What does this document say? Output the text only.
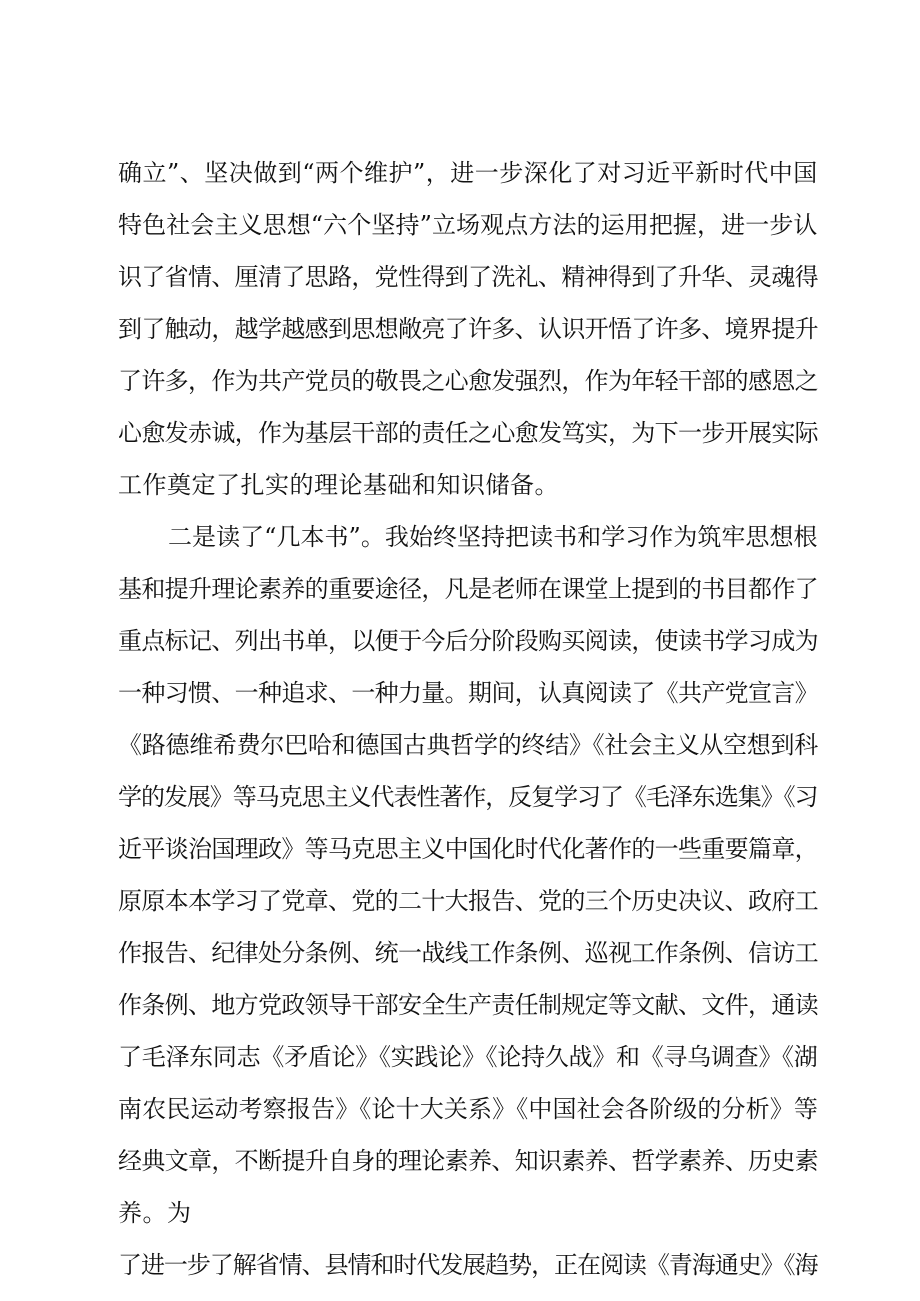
确立”、坚决做到“两个维护”，进一步深化了对习近平新时代中国
特色社会主义思想“六个坚持”立场观点方法的运用把握，进一步认
识了省情、厘清了思路，党性得到了洗礼、精神得到了升华、灵魂得
到了触动，越学越感到思想敞亮了许多、认识开悟了许多、境界提升
了许多，作为共产党员的敬畏之心愈发强烈，作为年轻干部的感恩之
心愈发赤诚，作为基层干部的责任之心愈发笃实，为下一步开展实际
工作奠定了扎实的理论基础和知识储备。
二是读了“几本书”。我始终坚持把读书和学习作为筑牢思想根
基和提升理论素养的重要途径，凡是老师在课堂上提到的书目都作了
重点标记、列出书单，以便于今后分阶段购买阅读，使读书学习成为
一种习惯、一种追求、一种力量。期间，认真阅读了《共产党宣言》
《路德维希费尔巴哈和德国古典哲学的终结》《社会主义从空想到科
学的发展》等马克思主义代表性著作，反复学习了《毛泽东选集》《习
近平谈治国理政》等马克思主义中国化时代化著作的一些重要篇章，
原原本本学习了党章、党的二十大报告、党的三个历史决议、政府工
作报告、纪律处分条例、统一战线工作条例、巡视工作条例、信访工
作条例、地方党政领导干部安全生产责任制规定等文献、文件，通读
了毛泽东同志《矛盾论》《实践论》《论持久战》和《寻乌调查》《湖
南农民运动考察报告》《论十大关系》《中国社会各阶级的分析》等
经典文章，不断提升自身的理论素养、知识素养、哲学素养、历史素
养。为
了进一步了解省情、县情和时代发展趋势，正在阅读《青海通史》《海
